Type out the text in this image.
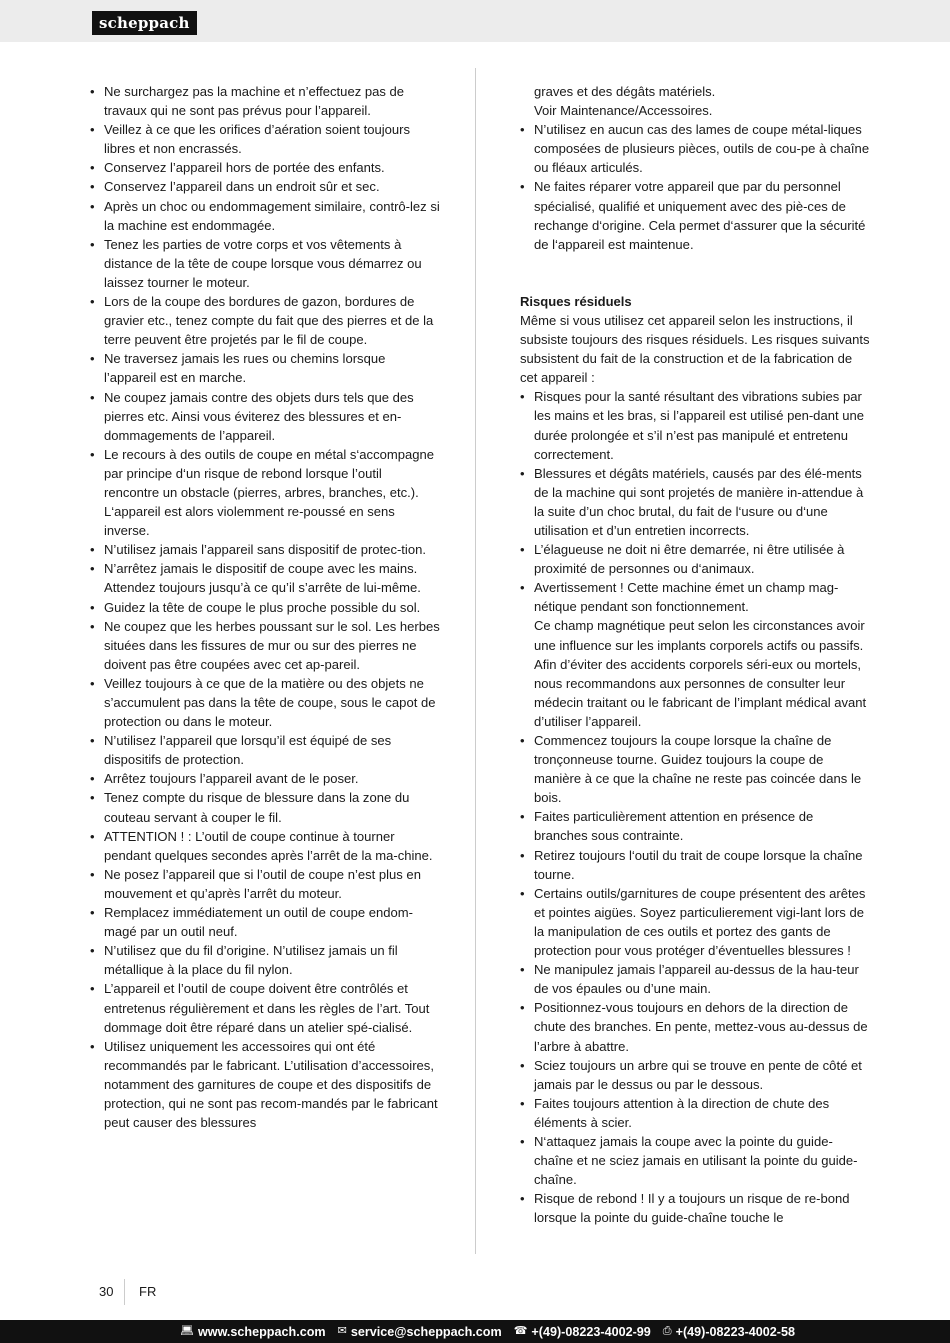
scheppach
• Ne surchargez pas la machine et n’effectuez pas de travaux qui ne sont pas prévus pour l’appareil.
• Veillez à ce que les orifices d’aération soient toujours libres et non encrassés.
• Conservez l’appareil hors de portée des enfants.
• Conservez l’appareil dans un endroit sûr et sec.
• Après un choc ou endommagement similaire, contrô-lez si la machine est endommagée.
• Tenez les parties de votre corps et vos vêtements à distance de la tête de coupe lorsque vous démarrez ou laissez tourner le moteur.
• Lors de la coupe des bordures de gazon, bordures de gravier etc., tenez compte du fait que des pierres et de la terre peuvent être projetés par le fil de coupe.
• Ne traversez jamais les rues ou chemins lorsque l’appareil est en marche.
• Ne coupez jamais contre des objets durs tels que des pierres etc. Ainsi vous éviterez des blessures et en-dommagements de l’appareil.
• Le recours à des outils de coupe en métal s‘accompagne par principe d‘un risque de rebond lorsque l’outil rencontre un obstacle (pierres, arbres, branches, etc.). L‘appareil est alors violemment re-poussé en sens inverse.
• N’utilisez jamais l’appareil sans dispositif de protec-tion.
• N’arrêtez jamais le dispositif de coupe avec les mains. Attendez toujours jusqu’à ce qu’il s’arrête de lui-même.
• Guidez la tête de coupe le plus proche possible du sol.
• Ne coupez que les herbes poussant sur le sol. Les herbes situées dans les fissures de mur ou sur des pierres ne doivent pas être coupées avec cet ap-pareil.
• Veillez toujours à ce que de la matière ou des objets ne s’accumulent pas dans la tête de coupe, sous le capot de protection ou dans le moteur.
• N’utilisez l’appareil que lorsqu’il est équipé de ses dispositifs de protection.
• Arrêtez toujours l’appareil avant de le poser.
• Tenez compte du risque de blessure dans la zone du couteau servant à couper le fil.
• ATTENTION ! : L’outil de coupe continue à tourner pendant quelques secondes après l’arrêt de la ma-chine.
• Ne posez l’appareil que si l’outil de coupe n’est plus en mouvement et qu’après l’arrêt du moteur.
• Remplacez immédiatement un outil de coupe endom-magé par un outil neuf.
• N’utilisez que du fil d’origine. N’utilisez jamais un fil métallique à la place du fil nylon.
• L’appareil et l’outil de coupe doivent être contrôlés et entretenus régulièrement et dans les règles de l’art. Tout dommage doit être réparé dans un atelier spé-cialisé.
• Utilisez uniquement les accessoires qui ont été recommandés par le fabricant. L’utilisation d’accessoires, notamment des garnitures de coupe et des dispositifs de protection, qui ne sont pas recom-mandés par le fabricant peut causer des blessures
graves et des dégâts matériels.
Voir Maintenance/Accessoires.
• N’utilisez en aucun cas des lames de coupe métal-liques composées de plusieurs pièces, outils de cou-pe à chaîne ou fléaux articulés.
• Ne faites réparer votre appareil que par du personnel spécialisé, qualifié et uniquement avec des piè-ces de rechange d‘origine. Cela permet d‘assurer que la sécurité de l‘appareil est maintenue.
Risques résiduels
Même si vous utilisez cet appareil selon les instructions, il subsiste toujours des risques résiduels. Les risques suivants subsistent du fait de la construction et de la fabrication de cet appareil :
• Risques pour la santé résultant des vibrations subies par les mains et les bras, si l’appareil est utilisé pen-dant une durée prolongée et s’il n’est pas manipulé et entretenu correctement.
• Blessures et dégâts matériels, causés par des élé-ments de la machine qui sont projetés de manière in-attendue à la suite d’un choc brutal, du fait de l‘usure ou d‘une utilisation et d’un entretien incorrects.
• L’élagueuse ne doit ni être demarrée, ni être utilisée à proximité de personnes ou d‘animaux.
• Avertissement ! Cette machine émet un champ mag-nétique pendant son fonctionnement.
Ce champ magnétique peut selon les circonstances avoir une influence sur les implants corporels actifs ou passifs. Afin d’éviter des accidents corporels séri-eux ou mortels, nous recommandons aux personnes de consulter leur médecin traitant ou le fabricant de l’implant médical avant d’utiliser l’appareil.
• Commencez toujours la coupe lorsque la chaîne de tronçonneuse tourne. Guidez toujours la coupe de manière à ce que la chaîne ne reste pas coincée dans le bois.
• Faites particulièrement attention en présence de branches sous contrainte.
• Retirez toujours l‘outil du trait de coupe lorsque la chaîne tourne.
• Certains outils/garnitures de coupe présentent des arêtes et pointes aigües. Soyez particulierement vigi-lant lors de la manipulation de ces outils et portez des gants de protection pour vous protéger d’éventuelles blessures !
• Ne manipulez jamais l’appareil au-dessus de la hau-teur de vos épaules ou d’une main.
• Positionnez-vous toujours en dehors de la direction de chute des branches. En pente, mettez-vous au-dessus de l’arbre à abattre.
• Sciez toujours un arbre qui se trouve en pente de côté et jamais par le dessus ou par le dessous.
• Faites toujours attention à la direction de chute des éléments à scier.
• N‘attaquez jamais la coupe avec la pointe du guide-chaîne et ne sciez jamais en utilisant la pointe du guide-chaîne.
• Risque de rebond ! Il y a toujours un risque de re-bond lorsque la pointe du guide-chaîne touche le
30 FR
💻︎ www.scheppach.com ✉ service@scheppach.com ☎ +(49)-08223-4002-99 ⎙ +(49)-08223-4002-58
